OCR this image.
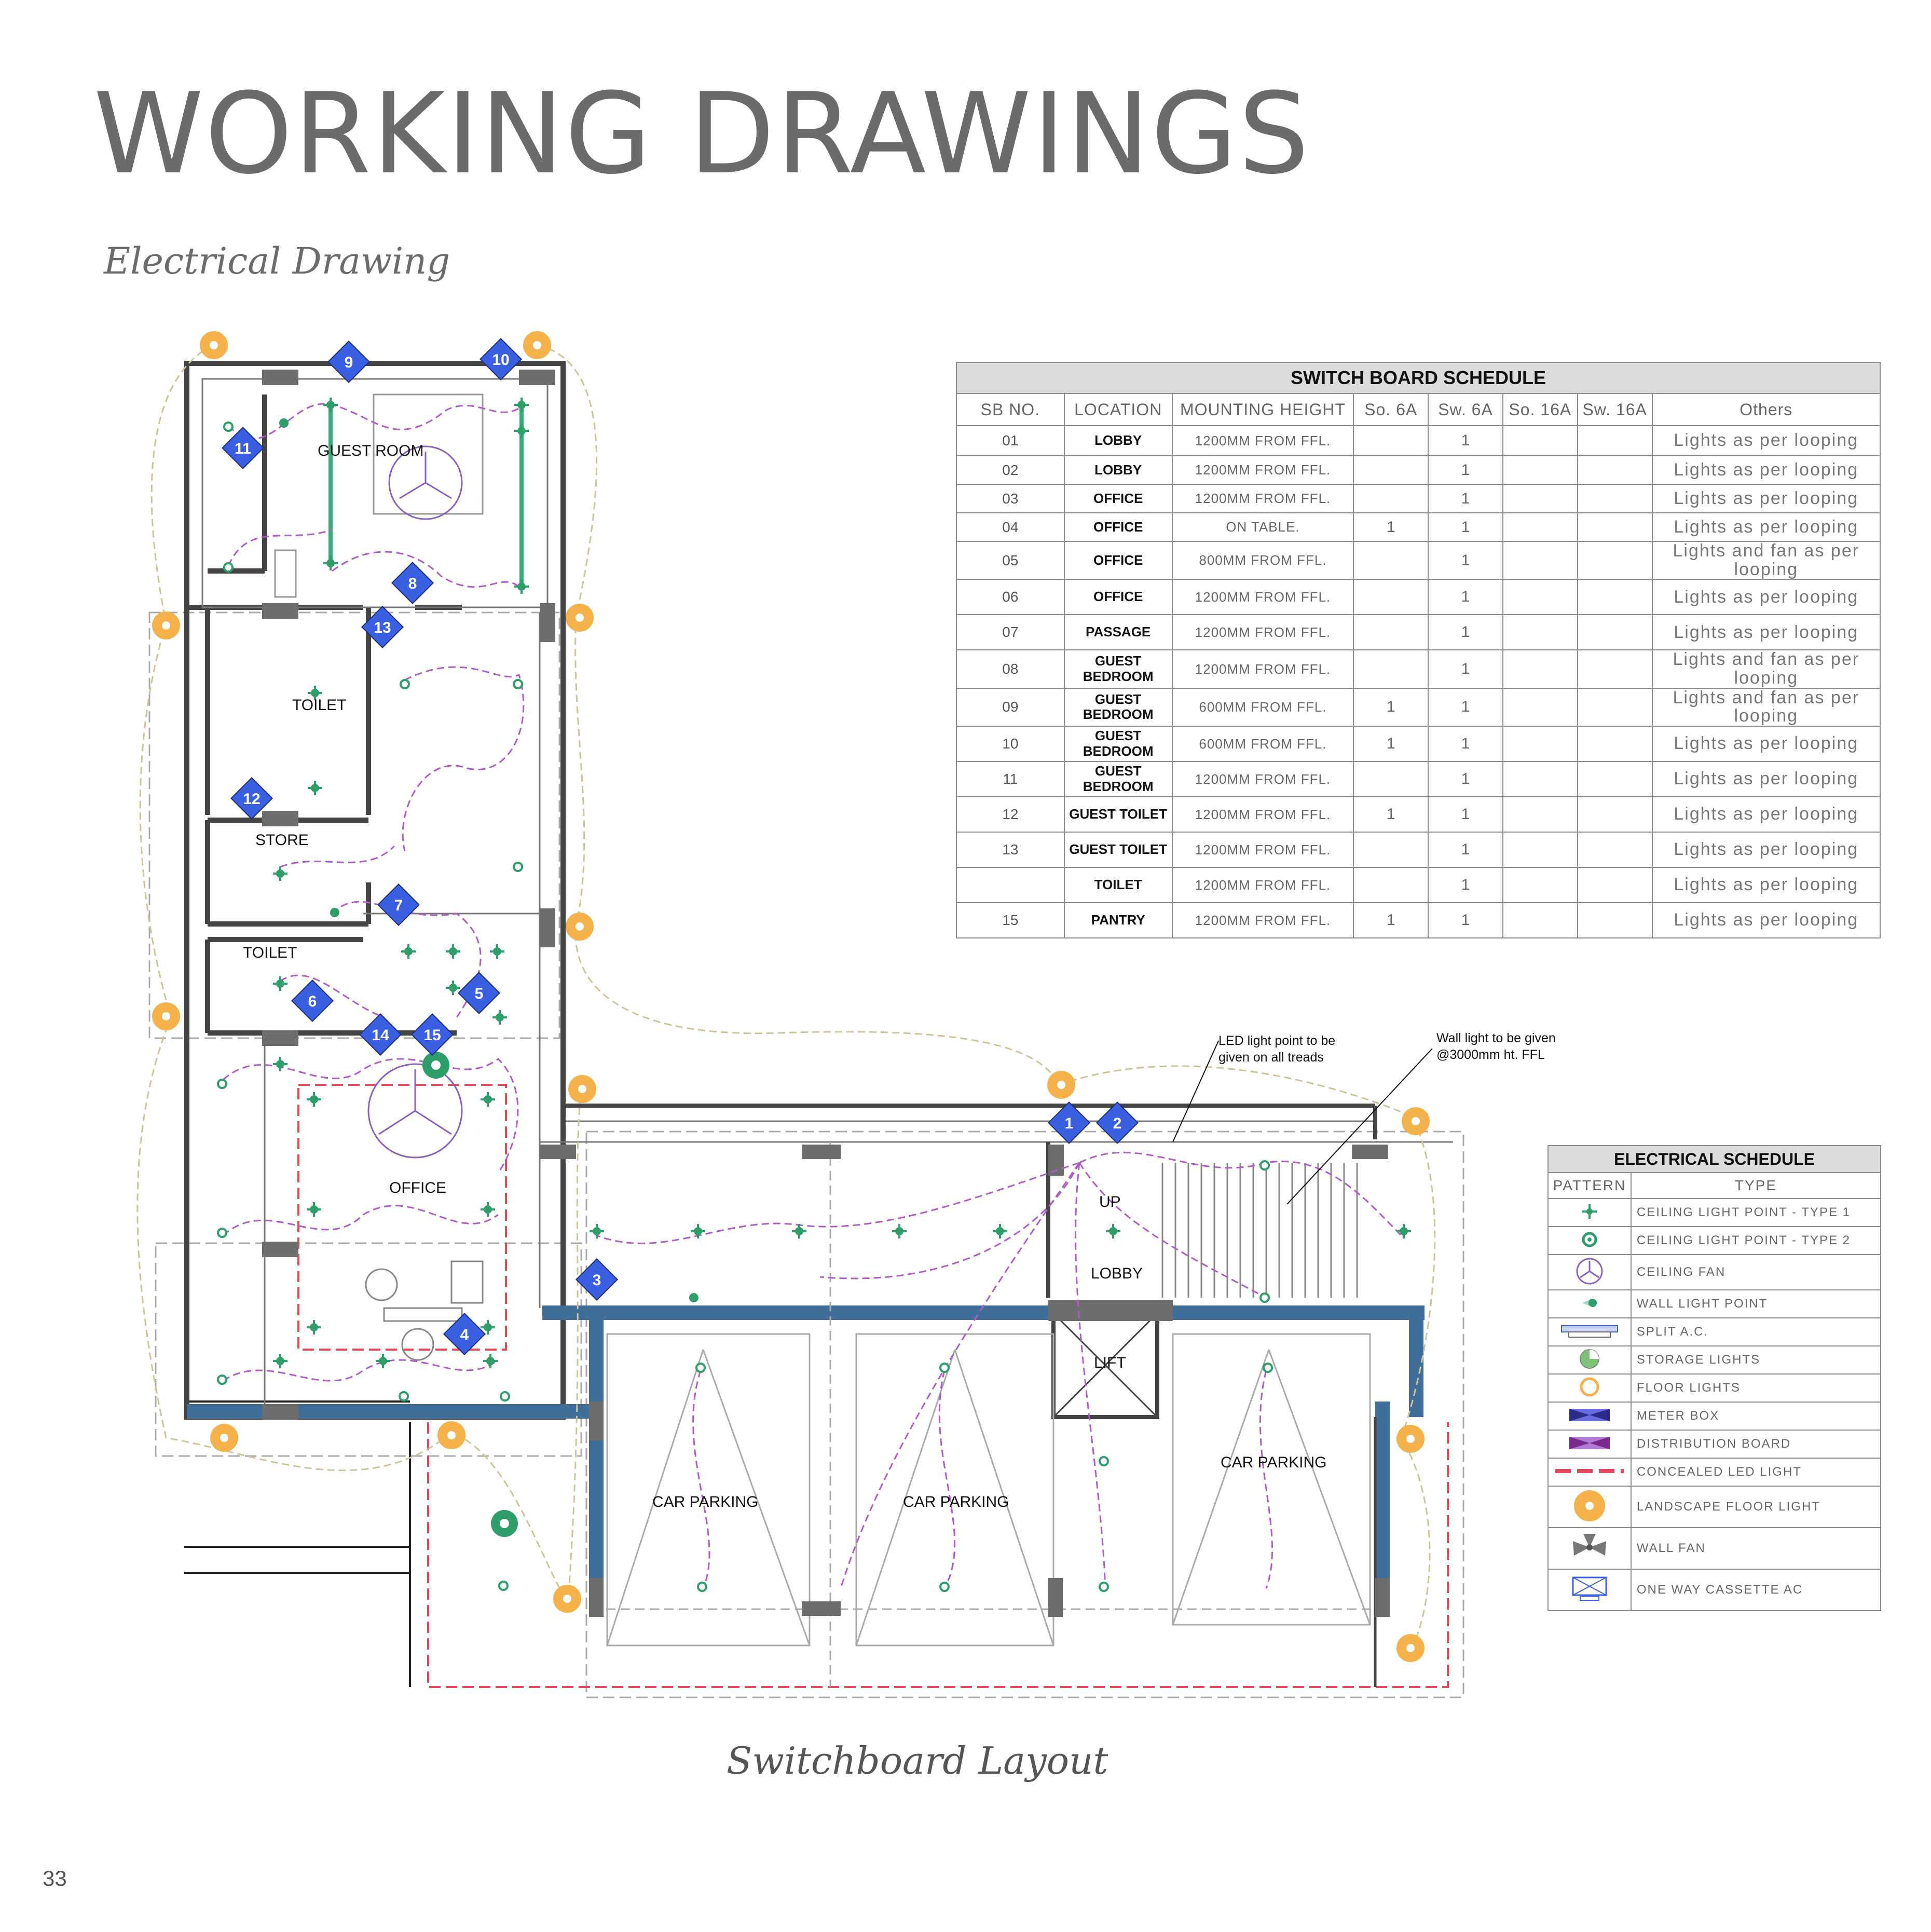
WORKING DRAWINGS
Electrical Drawing
GUEST ROOM
TOILET
STORE
TOILET
OFFICE
LOBBY
LIFT
UP
CAR PARKING	CAR PARKING
CAR PARKING
LED light point to be
given on all treads
Wall light to be given
@3000mm ht. FFL
1	2
3
4
5
6
7
8
9	10
11
12
13
14 15
SWITCH BOARD SCHEDULE							
SB NO.	LOCATION	MOUNTING HEIGHT	So. 6A	Sw. 6A	So. 16A	Sw. 16A	Others
01	LOBBY	1200MM FROM FFL.		1			Lights as per looping
02	LOBBY	1200MM FROM FFL.		1			Lights as per looping
03	OFFICE	1200MM FROM FFL.		1			Lights as per looping
04	OFFICE	ON TABLE.	1	1			Lights as per looping
05	OFFICE	800MM FROM FFL.		1			Lights and fan as per looping
06	OFFICE	1200MM FROM FFL.		1			Lights as per looping
07	PASSAGE	1200MM FROM FFL.		1			Lights as per looping
08	GUEST BEDROOM	1200MM FROM FFL.		1			Lights and fan as per looping
09	GUEST BEDROOM	600MM FROM FFL.	1	1			Lights and fan as per looping
10	GUEST BEDROOM	600MM FROM FFL.	1	1			Lights as per looping
11	GUEST BEDROOM	1200MM FROM FFL.		1			Lights as per looping
12	GUEST TOILET	1200MM FROM FFL.	1	1			Lights as per looping
13	GUEST TOILET	1200MM FROM FFL.		1			Lights as per looping
	TOILET	1200MM FROM FFL.		1			Lights as per looping
15	PANTRY	1200MM FROM FFL.	1	1			Lights as per looping
ELECTRICAL SCHEDULE	
PATTERN	TYPE
	CEILING LIGHT POINT - TYPE 1
	CEILING LIGHT POINT - TYPE 2
	CEILING FAN
	WALL LIGHT POINT
	SPLIT A.C.
	STORAGE LIGHTS
	FLOOR LIGHTS
	METER BOX
	DISTRIBUTION BOARD
	CONCEALED LED LIGHT
	LANDSCAPE FLOOR LIGHT
	WALL FAN
	ONE WAY CASSETTE AC
Switchboard Layout
33
